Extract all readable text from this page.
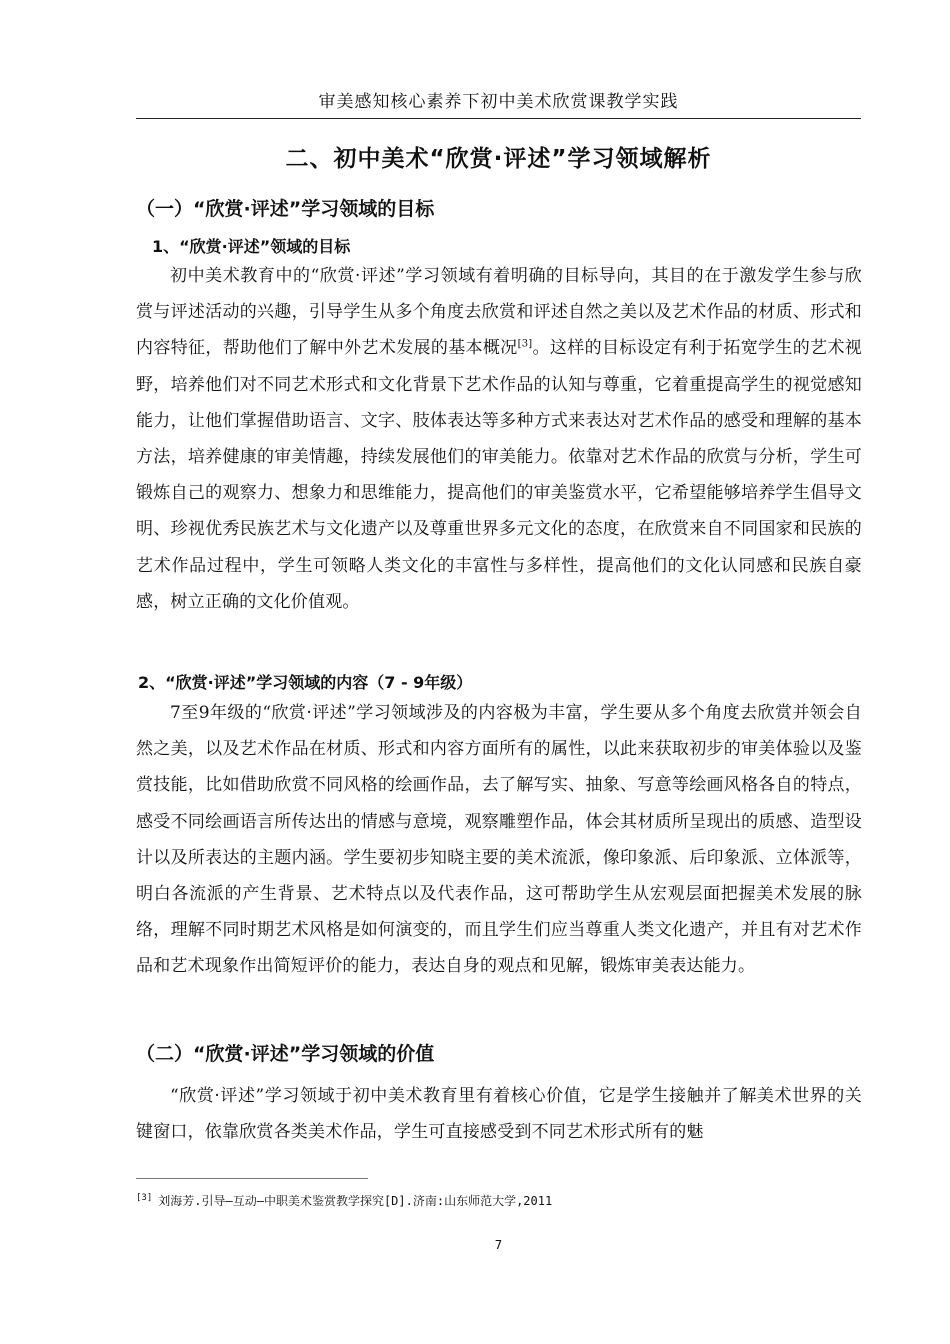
审美感知核心素养下初中美术欣赏课教学实践
二、初中美术“欣赏·评述”学习领域解析
（一）“欣赏·评述”学习领域的目标
1、“欣赏·评述”领域的目标

初中美术教育中的“欣赏·评述”学习领域有着明确的目标导向，其目的在于激发学生参与欣赏与评述活动的兴趣，引导学生从多个角度去欣赏和评述自然之美以及艺术作品的材质、形式和内容特征，帮助他们了解中外艺术发展的基本概况[3]。这样的目标设定有利于拓宽学生的艺术视野，培养他们对不同艺术形式和文化背景下艺术作品的认知与尊重，它着重提高学生的视觉感知能力，让他们掌握借助语言、文字、肢体表达等多种方式来表达对艺术作品的感受和理解的基本方法，培养健康的审美情趣，持续发展他们的审美能力。依靠对艺术作品的欣赏与分析，学生可锻炼自己的观察力、想象力和思维能力，提高他们的审美鉴赏水平，它希望能够培养学生倡导文明、珍视优秀民族艺术与文化遗产以及尊重世界多元文化的态度，在欣赏来自不同国家和民族的艺术作品过程中，学生可领略人类文化的丰富性与多样性，提高他们的文化认同感和民族自豪感，树立正确的文化价值观。

2、“欣赏·评述”学习领域的内容（7 - 9年级）

7至9年级的“欣赏·评述”学习领域涉及的内容极为丰富，学生要从多个角度去欣赏并领会自然之美，以及艺术作品在材质、形式和内容方面所有的属性，以此来获取初步的审美体验以及鉴赏技能，比如借助欣赏不同风格的绘画作品，去了解写实、抽象、写意等绘画风格各自的特点，感受不同绘画语言所传达出的情感与意境，观察雕塑作品，体会其材质所呈现出的质感、造型设计以及所表达的主题内涵。学生要初步知晓主要的美术流派，像印象派、后印象派、立体派等，明白各流派的产生背景、艺术特点以及代表作品，这可帮助学生从宏观层面把握美术发展的脉络，理解不同时期艺术风格是如何演变的，而且学生们应当尊重人类文化遗产，并且有对艺术作品和艺术现象作出简短评价的能力，表达自身的观点和见解，锻炼审美表达能力。

（二）“欣赏·评述”学习领域的价值

“欣赏·评述”学习领域于初中美术教育里有着核心价值，它是学生接触并了解美术世界的关键窗口，依靠欣赏各类美术作品，学生可直接感受到不同艺术形式所有的魅

[3] 刘海芳.引导—互动—中职美术鉴赏教学探究[D].济南:山东师范大学,2011
7
